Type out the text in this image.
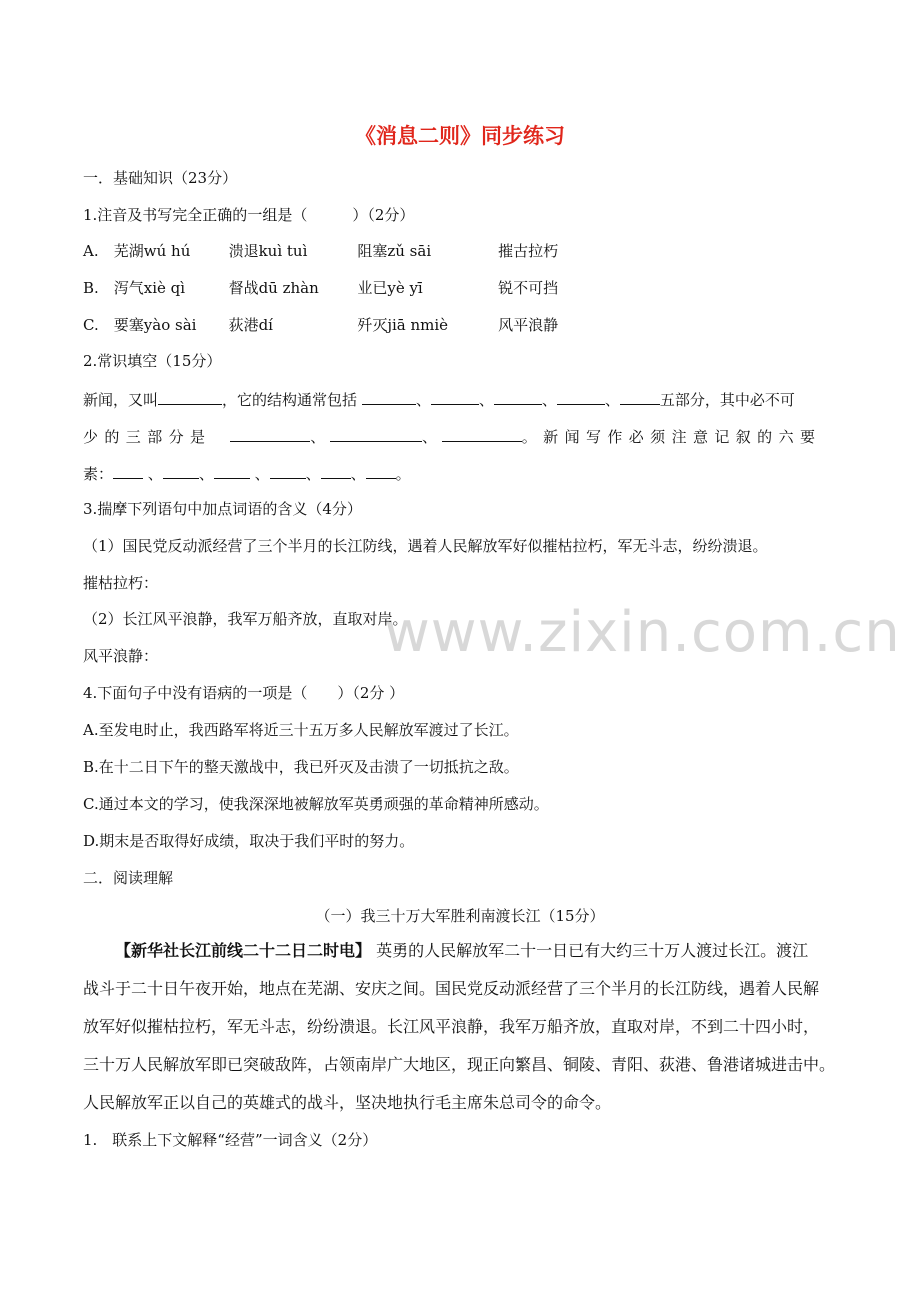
www.zixin.com.cn
《消息二则》同步练习
一．基础知识（23分）
1.注音及书写完全正确的一组是（　　　）（2分）
A. 芜湖wú hú	溃退kuì tuì	阻塞zǔ sāi	摧古拉朽
B. 泻气xiè qì	督战dū zhàn	业已yè yī	锐不可挡
C. 要塞yào sài 荻港dí	歼灭jiā nmiè	风平浪静
2.常识填空（15分）
新闻，又叫	，它的结构通常包括	、	、	、	、	五部分，其中必不可
少的三部分是	、	、	。新闻写作必须注意记叙的六要
素： 、 、	、 、 、 。
3.揣摩下列语句中加点词语的含义（4分）
（1）国民党反动派经营了三个半月的长江防线，遇着人民解放军好似摧枯拉朽，军无斗志，纷纷溃退。
摧枯拉朽：
（2）长江风平浪静，我军万船齐放，直取对岸。
风平浪静：
4.下面句子中没有语病的一项是（　　）（2分 ）
A.至发电时止，我西路军将近三十五万多人民解放军渡过了长江。
B.在十二日下午的整天激战中，我已歼灭及击溃了一切抵抗之敌。
C.通过本文的学习，使我深深地被解放军英勇顽强的革命精神所感动。
D.期末是否取得好成绩，取决于我们平时的努力。
二．阅读理解
（一）我三十万大军胜利南渡长江（15分）
【新华社长江前线二十二日二时电】 英勇的人民解放军二十一日已有大约三十万人渡过长江。渡江
战斗于二十日午夜开始，地点在芜湖、安庆之间。国民党反动派经营了三个半月的长江防线，遇着人民解
放军好似摧枯拉朽，军无斗志，纷纷溃退。长江风平浪静，我军万船齐放，直取对岸，不到二十四小时，
三十万人民解放军即已突破敌阵，占领南岸广大地区，现正向繁昌、铜陵、青阳、荻港、鲁港诸城进击中。
人民解放军正以自己的英雄式的战斗，坚决地执行毛主席朱总司令的命令。
1.　联系上下文解释“经营”一词含义（2分）
